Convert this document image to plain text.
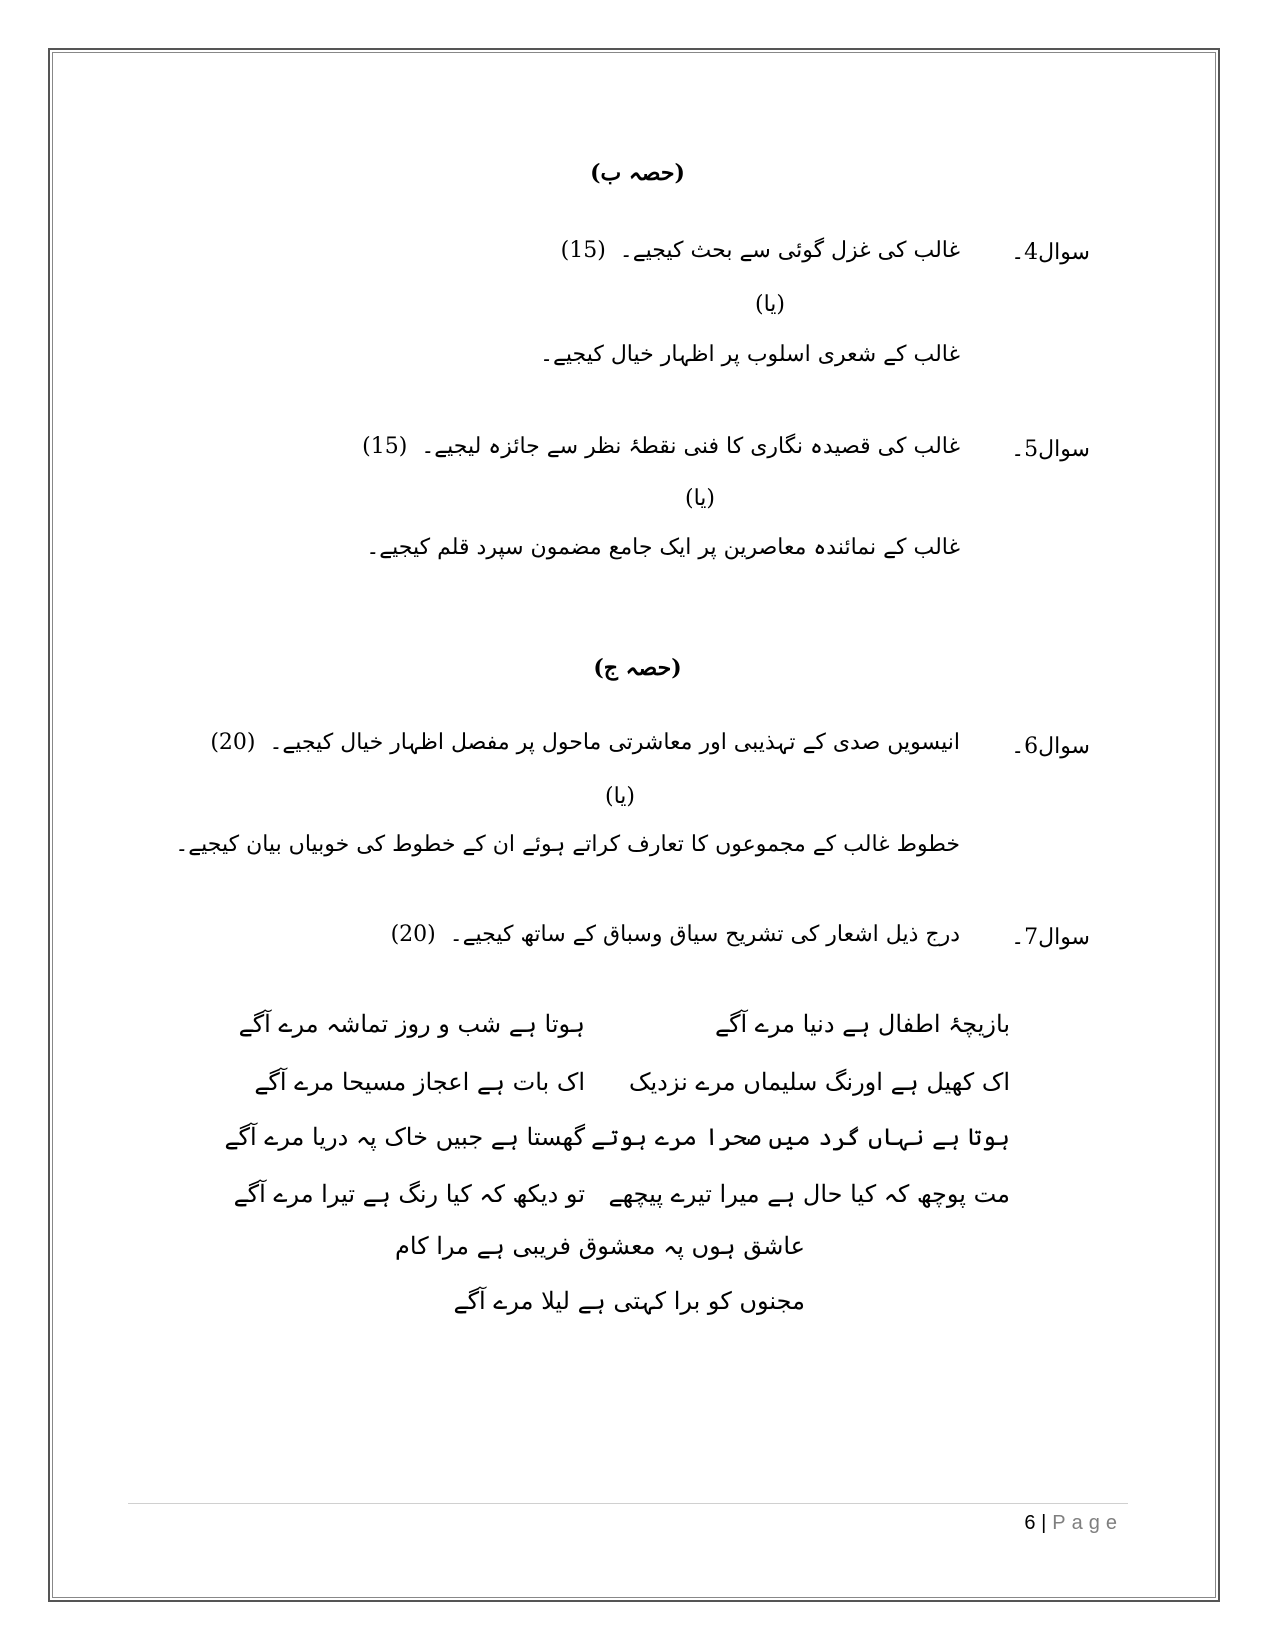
(حصہ ب)
سوال4۔
غالب کی غزل گوئی سے بحث کیجیے۔(15)
(یا)
غالب کے شعری اسلوب پر اظہار خیال کیجیے۔
سوال5۔
غالب کی قصیدہ نگاری کا فنی نقطۂ نظر سے جائزہ لیجیے۔(15)
(یا)
غالب کے نمائندہ معاصرین پر ایک جامع مضمون سپرد قلم کیجیے۔
(حصہ ج)
سوال6۔
انیسویں صدی کے تہذیبی اور معاشرتی ماحول پر مفصل اظہار خیال کیجیے۔(20)
(یا)
خطوط غالب کے مجموعوں کا تعارف کراتے ہوئے ان کے خطوط کی خوبیاں بیان کیجیے۔
سوال7۔
درج ذیل اشعار کی تشریح سیاق وسباق کے ساتھ کیجیے۔(20)
بازیچۂ اطفال ہے دنیا مرے آگے
ہوتا ہے شب و روز تماشہ مرے آگے
اک کھیل ہے اورنگ سلیماں مرے نزدیک
اک بات ہے اعجاز مسیحا مرے آگے
ہوتا ہے نہاں گرد میں صحرا مرے ہوتے
گھستا ہے جبیں خاک پہ دریا مرے آگے
مت پوچھ کہ کیا حال ہے میرا تیرے پیچھے
تو دیکھ کہ کیا رنگ ہے تیرا مرے آگے
عاشق ہوں پہ معشوق فریبی ہے مرا کام
مجنوں کو برا کہتی ہے لیلا مرے آگے
6 | Page
